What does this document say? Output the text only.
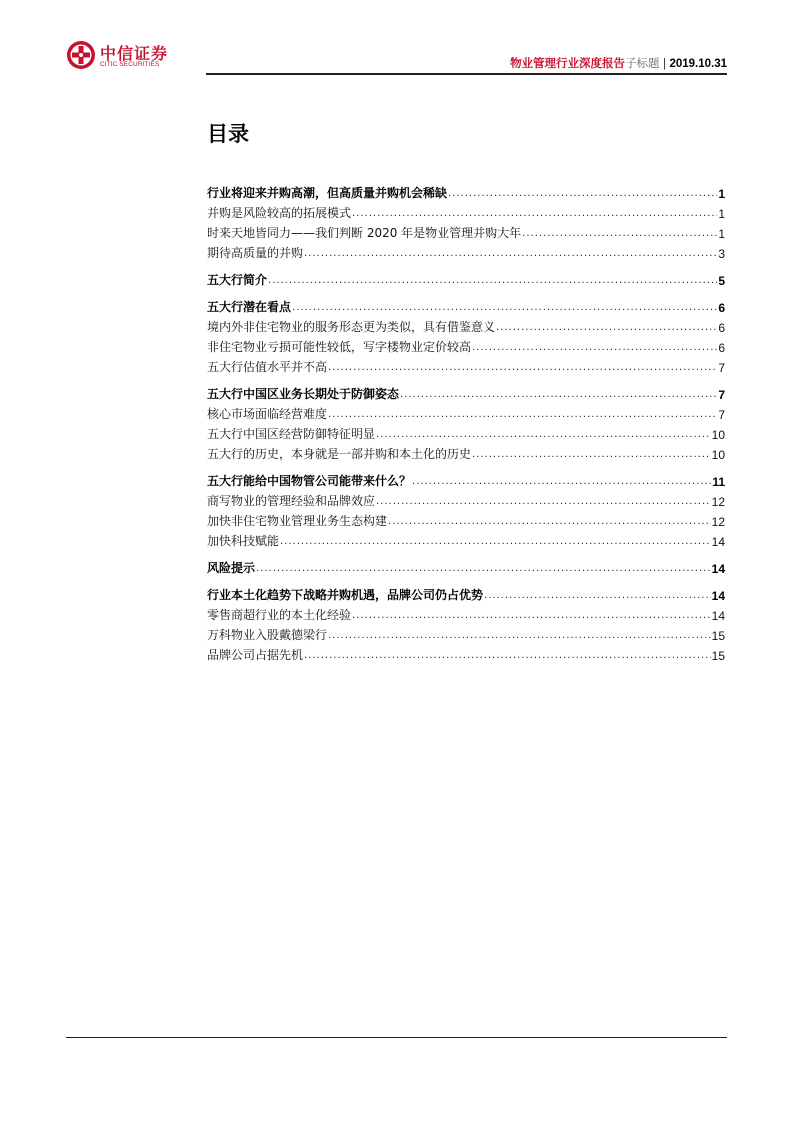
中信证券
CITIC SECURITIES	物业管理行业深度报告子标题 | 2019.10.31
目录
行业将迎来并购高潮，但高质量并购机会稀缺 .....	1
并购是风险较高的拓展模式 .....	1
时来天地皆同力——我们判断 2020 年是物业管理并购大年 .....	1
期待高质量的并购 .....	3
五大行简介 .....	5
五大行潜在看点 .....	6
境内外非住宅物业的服务形态更为类似，具有借鉴意义 .....	6
非住宅物业亏损可能性较低，写字楼物业定价较高 .....	6
五大行估值水平并不高 .....	7
五大行中国区业务长期处于防御姿态 .....	7
核心市场面临经营难度 .....	7
五大行中国区经营防御特征明显 .....	10
五大行的历史，本身就是一部并购和本土化的历史 .....	10
五大行能给中国物管公司能带来什么？ .....	11
商写物业的管理经验和品牌效应 .....	12
加快非住宅物业管理业务生态构建 .....	12
加快科技赋能 .....	14
风险提示 .....	14
行业本土化趋势下战略并购机遇，品牌公司仍占优势 .....	14
零售商超行业的本土化经验 .....	14
万科物业入股戴德梁行 .....	15
品牌公司占据先机 .....	15
